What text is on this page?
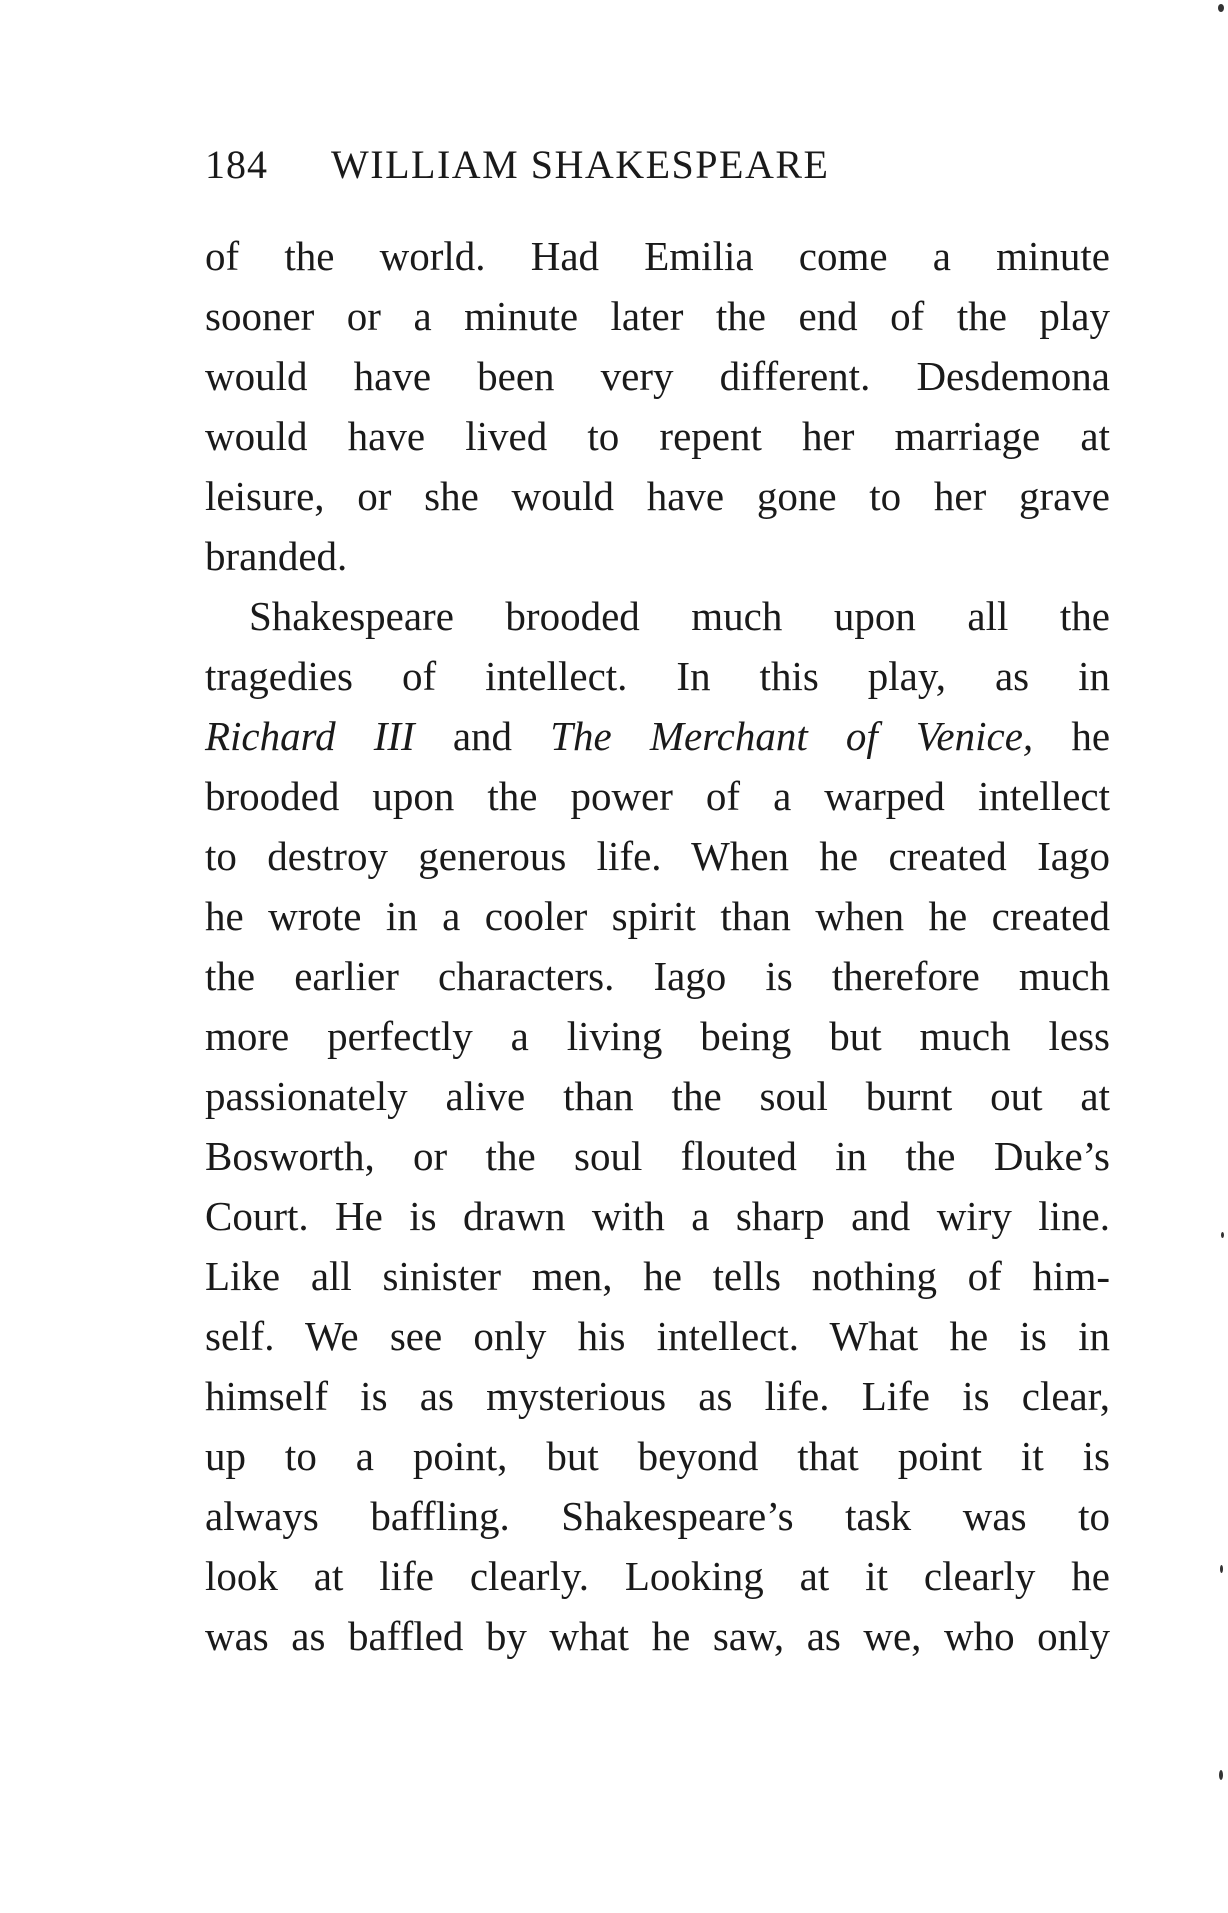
184 WILLIAM SHAKESPEARE
of the world. Had Emilia come a minute
sooner or a minute later the end of the play
would have been very different. Desdemona
would have lived to repent her marriage at
leisure, or she would have gone to her grave
branded.
Shakespeare brooded much upon all the
tragedies of intellect. In this play, as in
Richard III and The Merchant of Venice, he
brooded upon the power of a warped intellect
to destroy generous life. When he created Iago
he wrote in a cooler spirit than when he created
the earlier characters. Iago is therefore much
more perfectly a living being but much less
passionately alive than the soul burnt out at
Bosworth, or the soul flouted in the Duke’s
Court. He is drawn with a sharp and wiry line.
Like all sinister men, he tells nothing of him-
self. We see only his intellect. What he is in
himself is as mysterious as life. Life is clear,
up to a point, but beyond that point it is
always baffling. Shakespeare’s task was to
look at life clearly. Looking at it clearly he
was as baffled by what he saw, as we, who only
